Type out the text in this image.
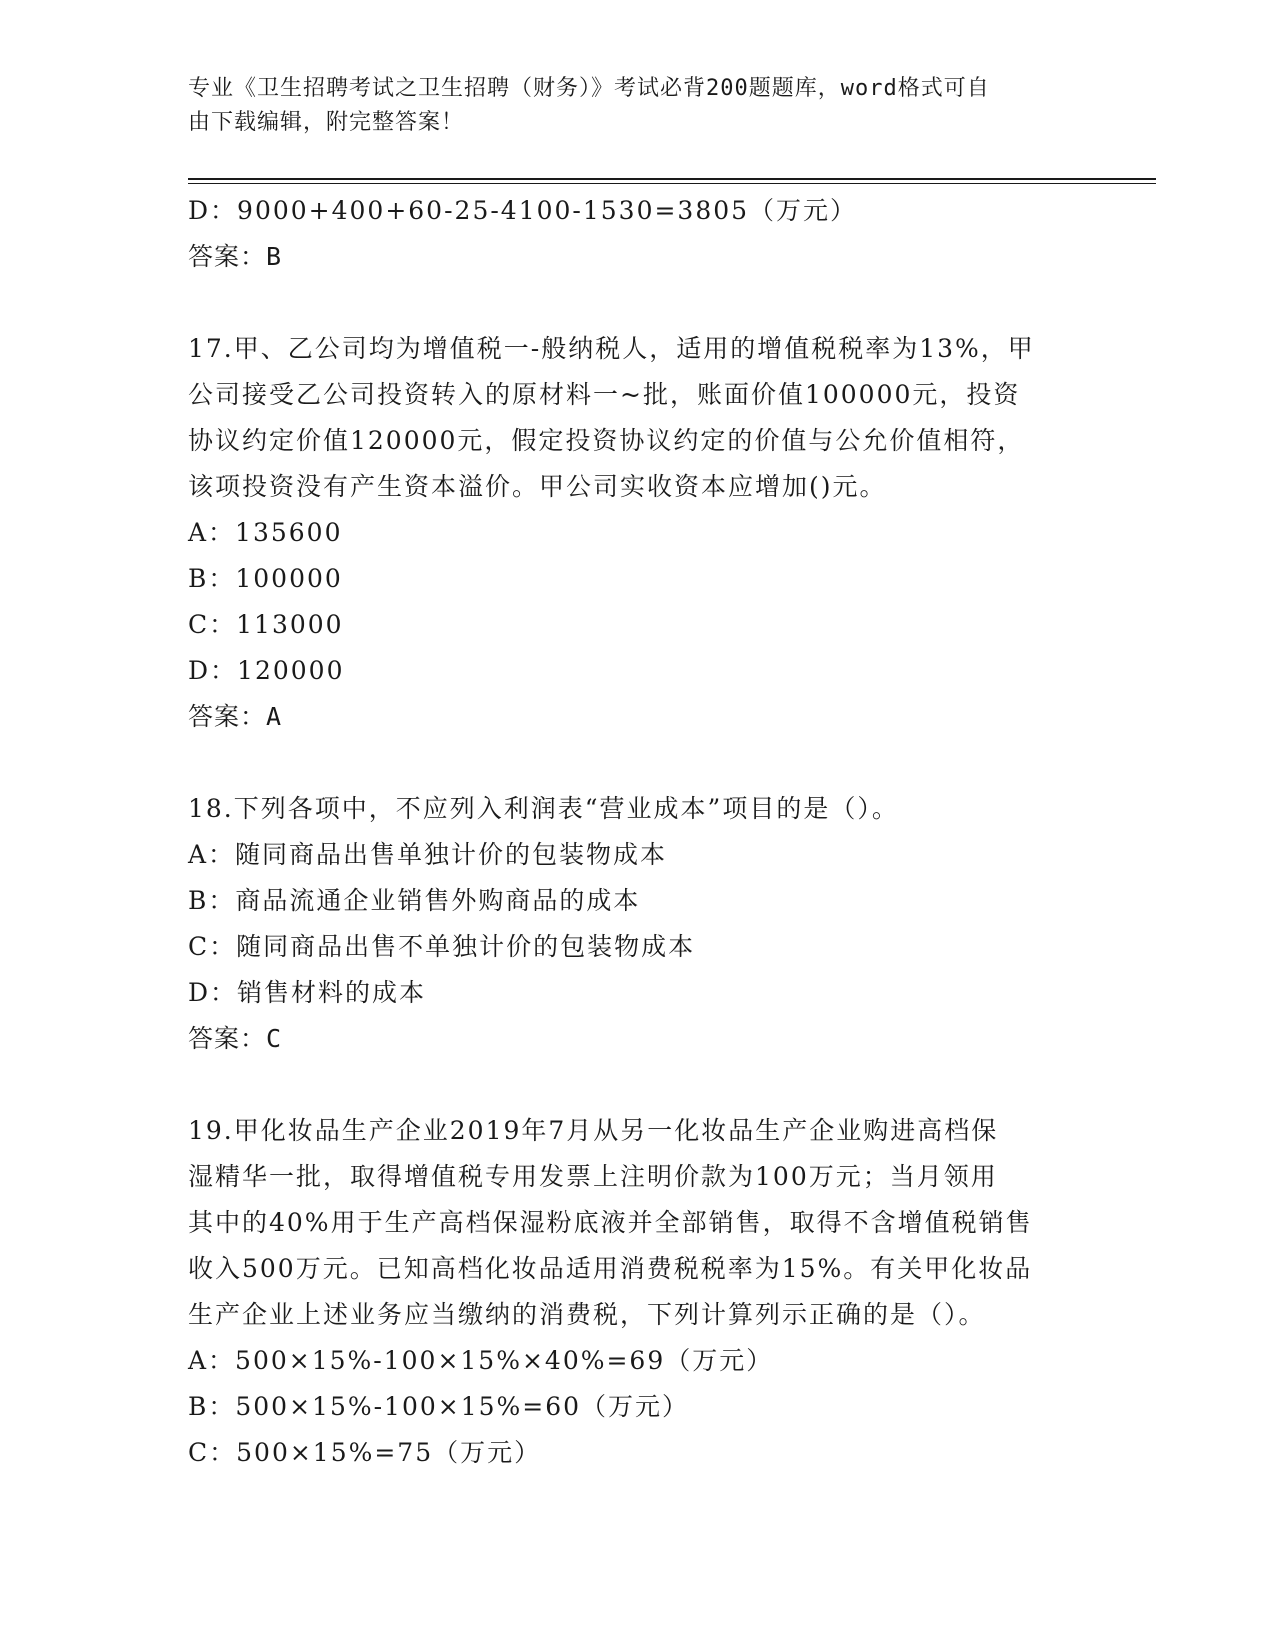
专业《卫生招聘考试之卫生招聘（财务）》考试必背200题题库，word格式可自
由下载编辑，附完整答案！
D：9000+400+60-25-4100-1530=3805（万元）
答案：B
17.甲、乙公司均为增值税一-般纳税人，适用的增值税税率为13%，甲
公司接受乙公司投资转入的原材料一~批，账面价值100000元，投资
协议约定价值120000元，假定投资协议约定的价值与公允价值相符，
该项投资没有产生资本溢价。甲公司实收资本应增加()元。
A：135600
B：100000
C：113000
D：120000
答案：A
18.下列各项中，不应列入利润表“营业成本”项目的是（）。
A：随同商品出售单独计价的包装物成本
B：商品流通企业销售外购商品的成本
C：随同商品出售不单独计价的包装物成本
D：销售材料的成本
答案：C
19.甲化妆品生产企业2019年7月从另一化妆品生产企业购进高档保
湿精华一批，取得增值税专用发票上注明价款为100万元；当月领用
其中的40%用于生产高档保湿粉底液并全部销售，取得不含增值税销售
收入500万元。已知高档化妆品适用消费税税率为15%。有关甲化妆品
生产企业上述业务应当缴纳的消费税，下列计算列示正确的是（）。
A：500×15%-100×15%×40%=69（万元）
B：500×15%-100×15%=60（万元）
C：500×15%=75（万元）
